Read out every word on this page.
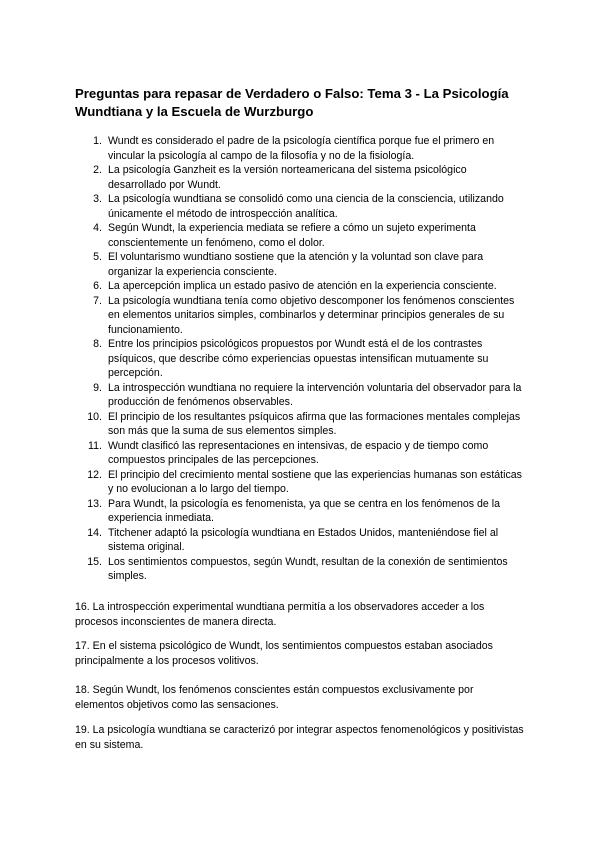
Preguntas para repasar de Verdadero o Falso: Tema 3 - La Psicología Wundtiana y la Escuela de Wurzburgo
1. Wundt es considerado el padre de la psicología científica porque fue el primero en vincular la psicología al campo de la filosofía y no de la fisiología.
2. La psicología Ganzheit es la versión norteamericana del sistema psicológico desarrollado por Wundt.
3. La psicología wundtiana se consolidó como una ciencia de la consciencia, utilizando únicamente el método de introspección analítica.
4. Según Wundt, la experiencia mediata se refiere a cómo un sujeto experimenta conscientemente un fenómeno, como el dolor.
5. El voluntarismo wundtiano sostiene que la atención y la voluntad son clave para organizar la experiencia consciente.
6. La apercepción implica un estado pasivo de atención en la experiencia consciente.
7. La psicología wundtiana tenía como objetivo descomponer los fenómenos conscientes en elementos unitarios simples, combinarlos y determinar principios generales de su funcionamiento.
8. Entre los principios psicológicos propuestos por Wundt está el de los contrastes psíquicos, que describe cómo experiencias opuestas intensifican mutuamente su percepción.
9. La introspección wundtiana no requiere la intervención voluntaria del observador para la producción de fenómenos observables.
10. El principio de los resultantes psíquicos afirma que las formaciones mentales complejas son más que la suma de sus elementos simples.
11. Wundt clasificó las representaciones en intensivas, de espacio y de tiempo como compuestos principales de las percepciones.
12. El principio del crecimiento mental sostiene que las experiencias humanas son estáticas y no evolucionan a lo largo del tiempo.
13. Para Wundt, la psicología es fenomenista, ya que se centra en los fenómenos de la experiencia inmediata.
14. Titchener adaptó la psicología wundtiana en Estados Unidos, manteniéndose fiel al sistema original.
15. Los sentimientos compuestos, según Wundt, resultan de la conexión de sentimientos simples.

16. La introspección experimental wundtiana permitía a los observadores acceder a los procesos inconscientes de manera directa.

17. En el sistema psicológico de Wundt, los sentimientos compuestos estaban asociados principalmente a los procesos volitivos.

18. Según Wundt, los fenómenos conscientes están compuestos exclusivamente por elementos objetivos como las sensaciones.

19. La psicología wundtiana se caracterizó por integrar aspectos fenomenológicos y positivistas en su sistema.
